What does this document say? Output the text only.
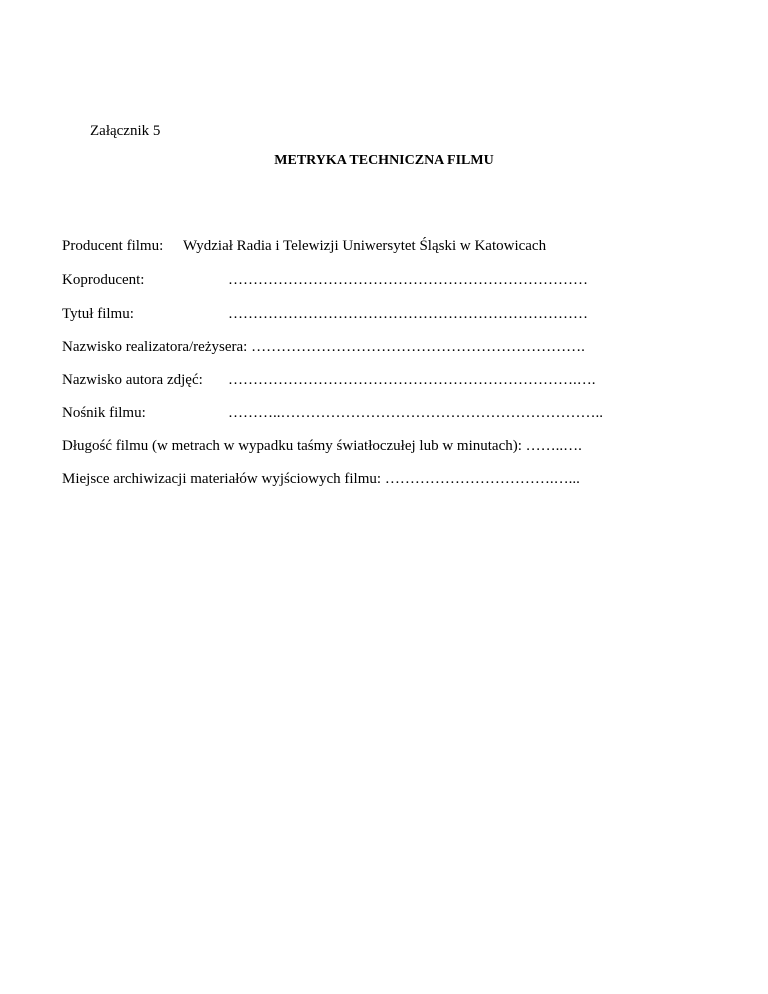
Załącznik 5
METRYKA TECHNICZNA FILMU
Producent filmu: Wydział Radia i Telewizji Uniwersytet Śląski w Katowicach
Koproducent:	………………………………………………………………
Tytuł filmu:	………………………………………………………………
Nazwisko realizatora/reżysera: ………………………………………………………….
Nazwisko autora zdjęć: …………………………………………………………….….
Nośnik filmu:	………..………………………………………………………..
Długość filmu (w metrach w wypadku taśmy światłoczułej lub w minutach): ……..….
Miejsce archiwizacji materiałów wyjściowych filmu: …………………………….…...
